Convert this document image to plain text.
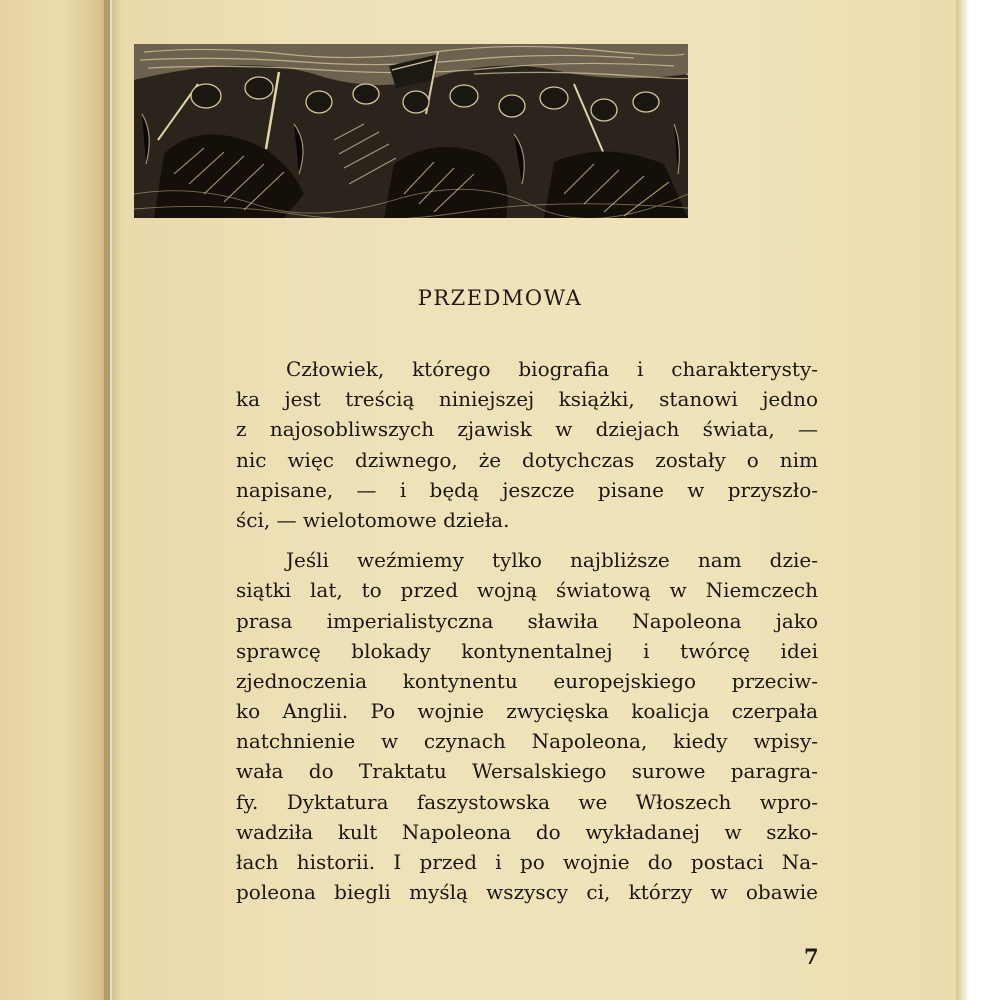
PRZEDMOWA
Człowiek, którego biografia i charakterysty-
ka jest treścią niniejszej książki, stanowi jedno
z najosobliwszych zjawisk w dziejach świata, —
nic więc dziwnego, że dotychczas zostały o nim
napisane, — i będą jeszcze pisane w przyszło-
ści, — wielotomowe dzieła.
Jeśli weźmiemy tylko najbliższe nam dzie-
siątki lat, to przed wojną światową w Niemczech
prasa imperialistyczna sławiła Napoleona jako
sprawcę blokady kontynentalnej i twórcę idei
zjednoczenia kontynentu europejskiego przeciw-
ko Anglii. Po wojnie zwycięska koalicja czerpała
natchnienie w czynach Napoleona, kiedy wpisy-
wała do Traktatu Wersalskiego surowe paragra-
fy. Dyktatura faszystowska we Włoszech wpro-
wadziła kult Napoleona do wykładanej w szko-
łach historii. I przed i po wojnie do postaci Na-
poleona biegli myślą wszyscy ci, którzy w obawie
7
